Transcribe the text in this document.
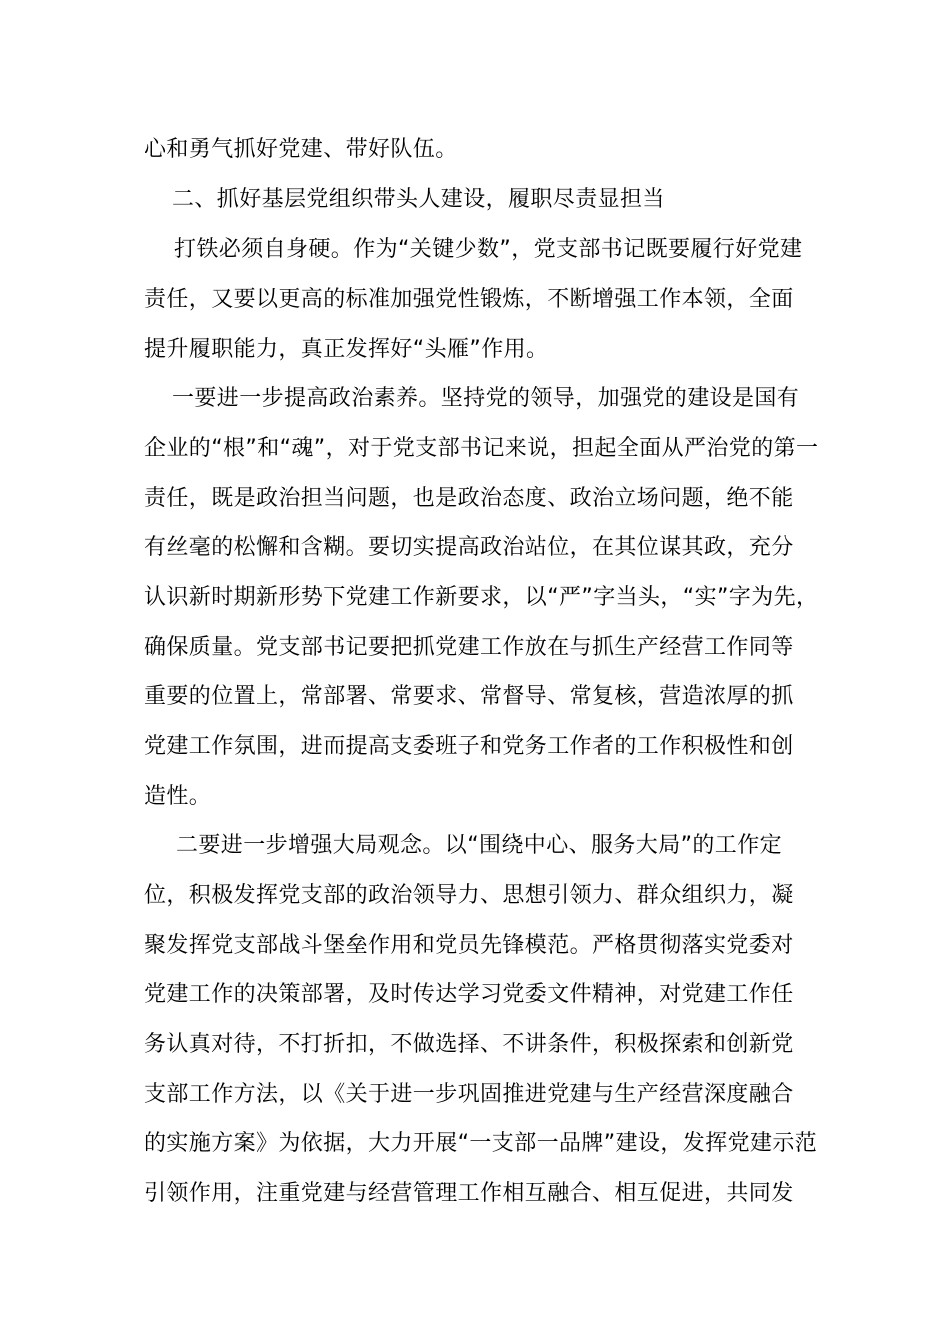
心和勇气抓好党建、带好队伍。
二、抓好基层党组织带头人建设，履职尽责显担当
打铁必须自身硬。作为“关键少数”，党支部书记既要履行好党建
责任，又要以更高的标准加强党性锻炼，不断增强工作本领，全面
提升履职能力，真正发挥好“头雁”作用。
一要进一步提高政治素养。坚持党的领导，加强党的建设是国有
企业的“根”和“魂”，对于党支部书记来说，担起全面从严治党的第一
责任，既是政治担当问题，也是政治态度、政治立场问题，绝不能
有丝毫的松懈和含糊。要切实提高政治站位，在其位谋其政，充分
认识新时期新形势下党建工作新要求，以“严”字当头，“实”字为先，
确保质量。党支部书记要把抓党建工作放在与抓生产经营工作同等
重要的位置上，常部署、常要求、常督导、常复核，营造浓厚的抓
党建工作氛围，进而提高支委班子和党务工作者的工作积极性和创
造性。
二要进一步增强大局观念。以“围绕中心、服务大局”的工作定
位，积极发挥党支部的政治领导力、思想引领力、群众组织力，凝
聚发挥党支部战斗堡垒作用和党员先锋模范。严格贯彻落实党委对
党建工作的决策部署，及时传达学习党委文件精神，对党建工作任
务认真对待，不打折扣，不做选择、不讲条件，积极探索和创新党
支部工作方法，以《关于进一步巩固推进党建与生产经营深度融合
的实施方案》为依据，大力开展“一支部一品牌”建设，发挥党建示范
引领作用，注重党建与经营管理工作相互融合、相互促进，共同发
